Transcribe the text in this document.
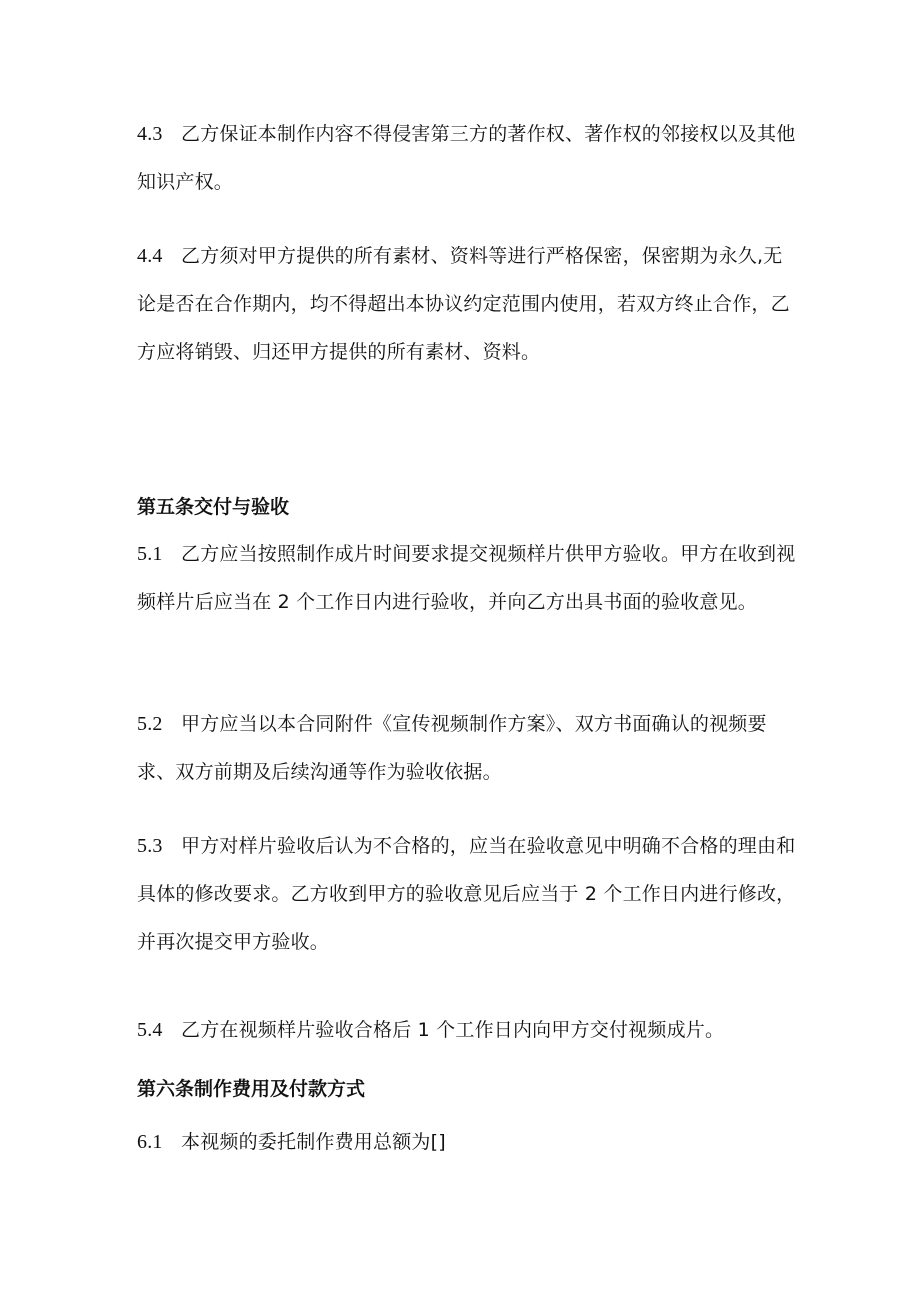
4.3 乙方保证本制作内容不得侵害第三方的著作权、著作权的邻接权以及其他知识产权。

4.4 乙方须对甲方提供的所有素材、资料等进行严格保密，保密期为永久,无论是否在合作期内，均不得超出本协议约定范围内使用，若双方终止合作，乙方应将销毁、归还甲方提供的所有素材、资料。

第五条交付与验收

5.1 乙方应当按照制作成片时间要求提交视频样片供甲方验收。甲方在收到视频样片后应当在 2 个工作日内进行验收，并向乙方出具书面的验收意见。

5.2 甲方应当以本合同附件《宣传视频制作方案》、双方书面确认的视频要求、双方前期及后续沟通等作为验收依据。

5.3 甲方对样片验收后认为不合格的，应当在验收意见中明确不合格的理由和具体的修改要求。乙方收到甲方的验收意见后应当于 2 个工作日内进行修改，并再次提交甲方验收。

5.4 乙方在视频样片验收合格后 1 个工作日内向甲方交付视频成片。

第六条制作费用及付款方式

6.1 本视频的委托制作费用总额为[]
